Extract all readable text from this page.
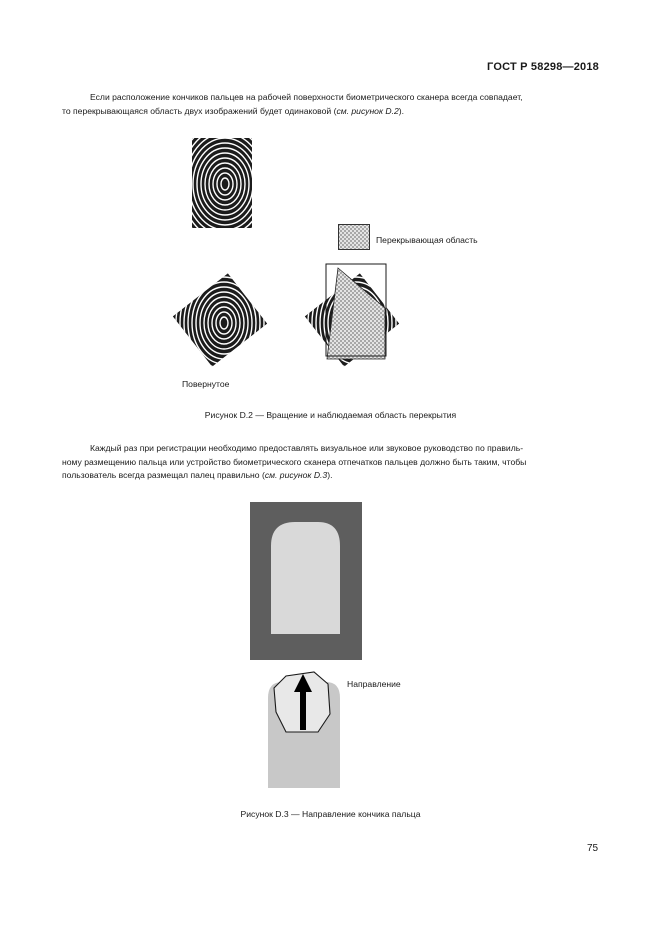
ГОСТ Р 58298—2018
Если расположение кончиков пальцев на рабочей поверхности биометрического сканера всегда совпадает,
то перекрывающаяся область двух изображений будет одинаковой (см. рисунок D.2).
Перекрывающая область
Повернутое
Рисунок D.2 — Вращение и наблюдаемая область перекрытия
Каждый раз при регистрации необходимо предоставлять визуальное или звуковое руководство по правиль-
ному размещению пальца или устройство биометрического сканера отпечатков пальцев должно быть таким, чтобы
пользователь всегда размещал палец правильно (см. рисунок D.3).
Направление
Рисунок D.3 — Направление кончика пальца
75
